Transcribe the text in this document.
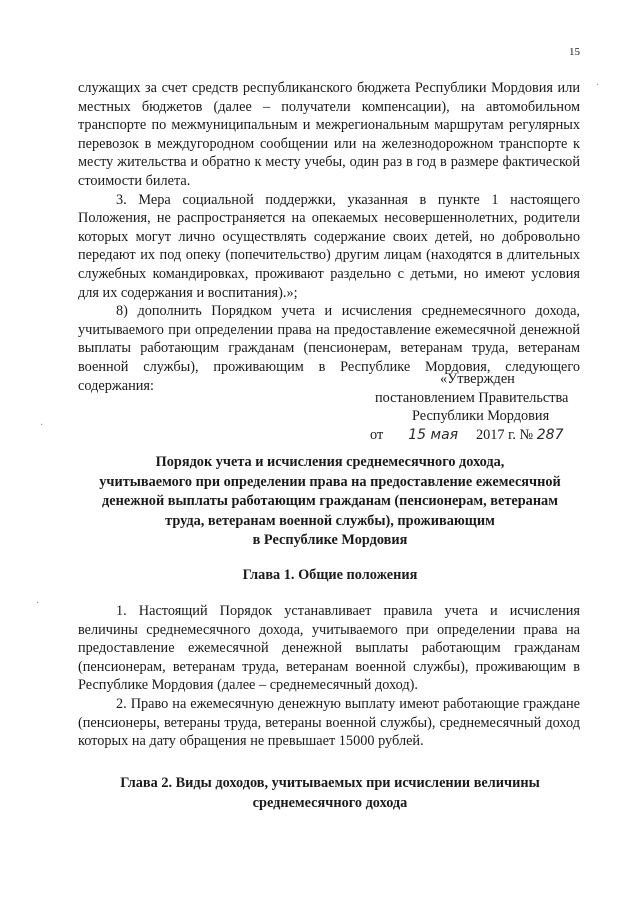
15

служащих за счет средств республиканского бюджета Республики Мордовия или местных бюджетов (далее – получатели компенсации), на автомобильном транспорте по межмуниципальным и межрегиональным маршрутам регулярных перевозок в междугородном сообщении или на железнодорожном транспорте к месту жительства и обратно к месту учебы, один раз в год в размере фактической стоимости билета.

3. Мера социальной поддержки, указанная в пункте 1 настоящего Положения, не распространяется на опекаемых несовершеннолетних, родители которых могут лично осуществлять содержание своих детей, но добровольно передают их под опеку (попечительство) другим лицам (находятся в длительных служебных командировках, проживают раздельно с детьми, но имеют условия для их содержания и воспитания).»;

8) дополнить Порядком учета и исчисления среднемесячного дохода, учитываемого при определении права на предоставление ежемесячной денежной выплаты работающим гражданам (пенсионерам, ветеранам труда, ветеранам военной службы), проживающим в Республике Мордовия, следующего содержания:	«Утвержден
постановлением Правительства
Республики Мордовия
от 15 мая 2017 г. № 287
Порядок учета и исчисления среднемесячного дохода,
учитываемого при определении права на предоставление ежемесячной
денежной выплаты работающим гражданам (пенсионерам, ветеранам
труда, ветеранам военной службы), проживающим
в Республике Мордовия
Глава 1. Общие положения

1. Настоящий Порядок устанавливает правила учета и исчисления величины среднемесячного дохода, учитываемого при определении права на предоставление ежемесячной денежной выплаты работающим гражданам (пенсионерам, ветеранам труда, ветеранам военной службы), проживающим в Республике Мордовия (далее – среднемесячный доход).

2. Право на ежемесячную денежную выплату имеют работающие граждане (пенсионеры, ветераны труда, ветераны военной службы), среднемесячный доход которых на дату обращения не превышает 15000 рублей.

Глава 2. Виды доходов, учитываемых при исчислении величины
среднемесячного дохода
·
·
·
